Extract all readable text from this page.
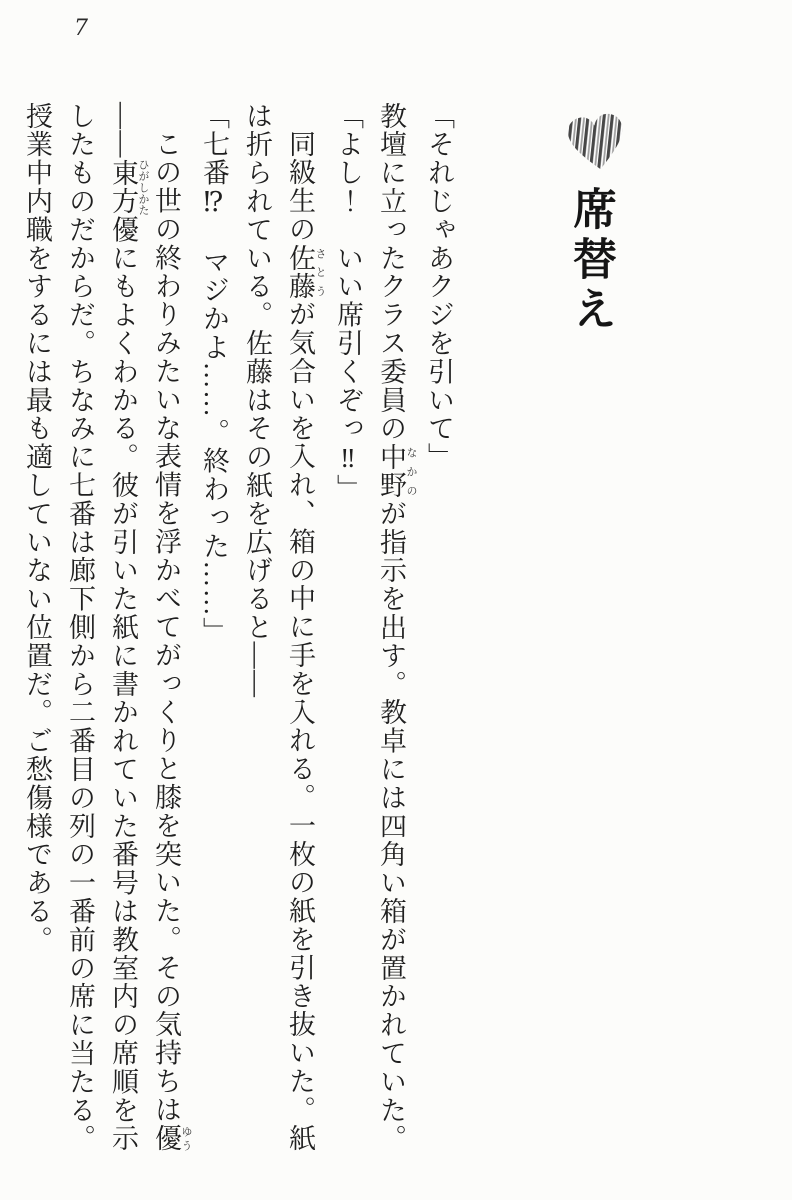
7
席替え

「それじゃあクジを引いて」

教壇に立ったクラス委員の中野 なかのが指示を出す。教卓には四角い箱が置かれていた。

「よし！　いい席引くぞっ‼」

同級生の佐藤 さとうが気合いを入れ、箱の中に手を入れる。一枚の紙を引き抜いた。紙は折られている。佐藤はその紙を広げると――

「七番⁉　マジかよ……。終わった……」

この世の終わりみたいな表情を浮かべてがっくりと膝を突いた。その気持ちは優 ゆう――東方 ひがしかた優にもよくわかる。彼が引いた紙に書かれていた番号は教室内の席順を示したものだからだ。ちなみに七番は廊下側から二番目の列の一番前の席に当たる。授業中内職をするには最も適していない位置だ。ご愁傷様である。
